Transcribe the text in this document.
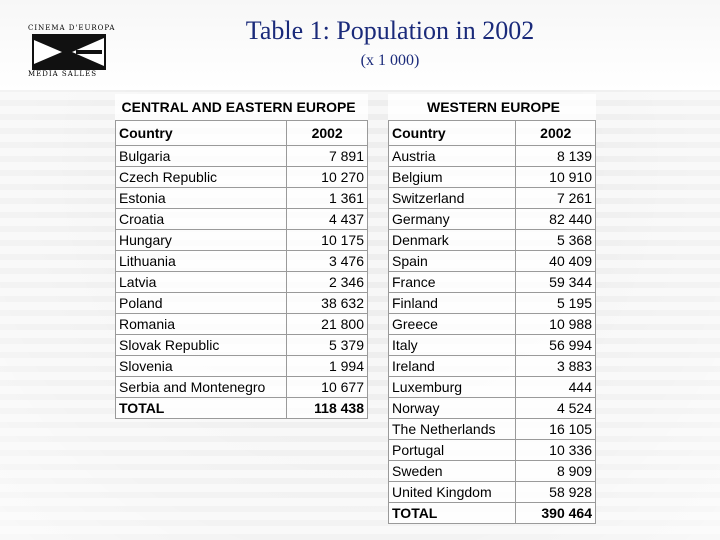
CINEMA D'EUROPA
MEDIA SALLES
Table 1: Population in 2002
(x 1 000)
CENTRAL AND EASTERN EUROPE	
Country	2002
Bulgaria	7 891
Czech Republic	10 270
Estonia	1 361
Croatia	4 437
Hungary	10 175
Lithuania	3 476
Latvia	2 346
Poland	38 632
Romania	21 800
Slovak Republic	5 379
Slovenia	1 994
Serbia and Montenegro	10 677
TOTAL	118 438
WESTERN EUROPE	
Country	2002
Austria	8 139
Belgium	10 910
Switzerland	7 261
Germany	82 440
Denmark	5 368
Spain	40 409
France	59 344
Finland	5 195
Greece	10 988
Italy	56 994
Ireland	3 883
Luxemburg	444
Norway	4 524
The Netherlands	16 105
Portugal	10 336
Sweden	8 909
United Kingdom	58 928
TOTAL	390 464
